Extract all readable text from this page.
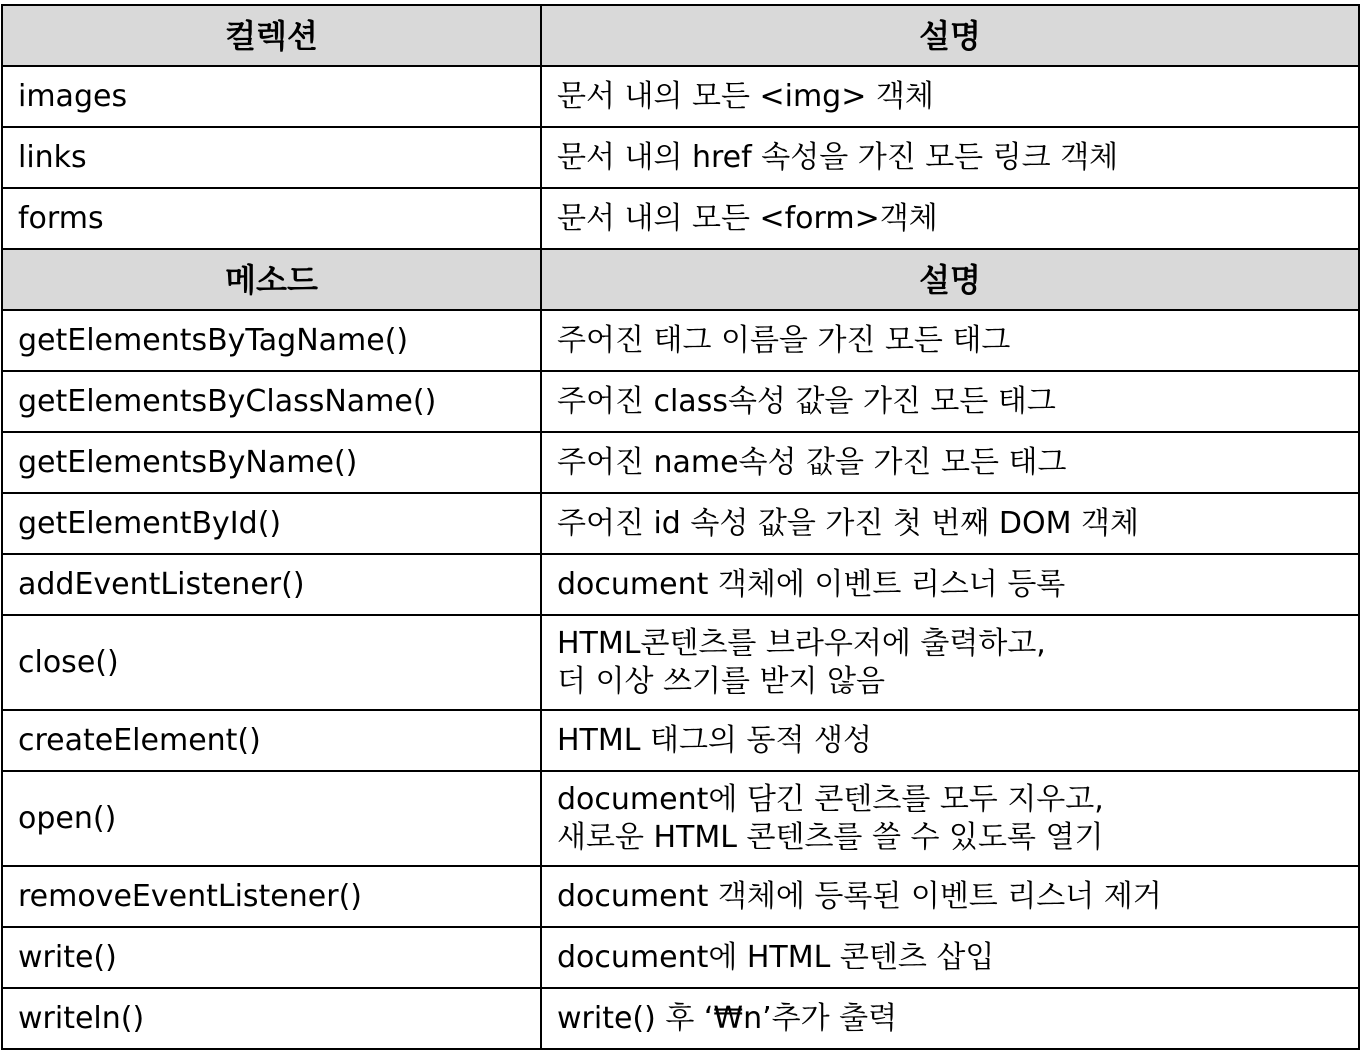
컬렉션	설명
images	문서 내의 모든 <img> 객체

links	문서 내의 href 속성을 가진 모든 링크 객체

forms	문서 내의 모든 <form>객체

메소드	설명
getElementsByTagName()	주어진 태그 이름을 가진 모든 태그

getElementsByClassName()	주어진 class속성 값을 가진 모든 태그

getElementsByName()	주어진 name속성 값을 가진 모든 태그

getElementById()	주어진 id 속성 값을 가진 첫 번째 DOM 객체

addEventListener()	document 객체에 이벤트 리스너 등록

close()	HTML콘텐츠를 브라우저에 출력하고,
더 이상 쓰기를 받지 않음

createElement()	HTML 태그의 동적 생성

open()	document에 담긴 콘텐츠를 모두 지우고,
새로운 HTML 콘텐츠를 쓸 수 있도록 열기

removeEventListener()	document 객체에 등록된 이벤트 리스너 제거

write()	document에 HTML 콘텐츠 삽입

writeln()	write() 후 ‘₩n’추가 출력
